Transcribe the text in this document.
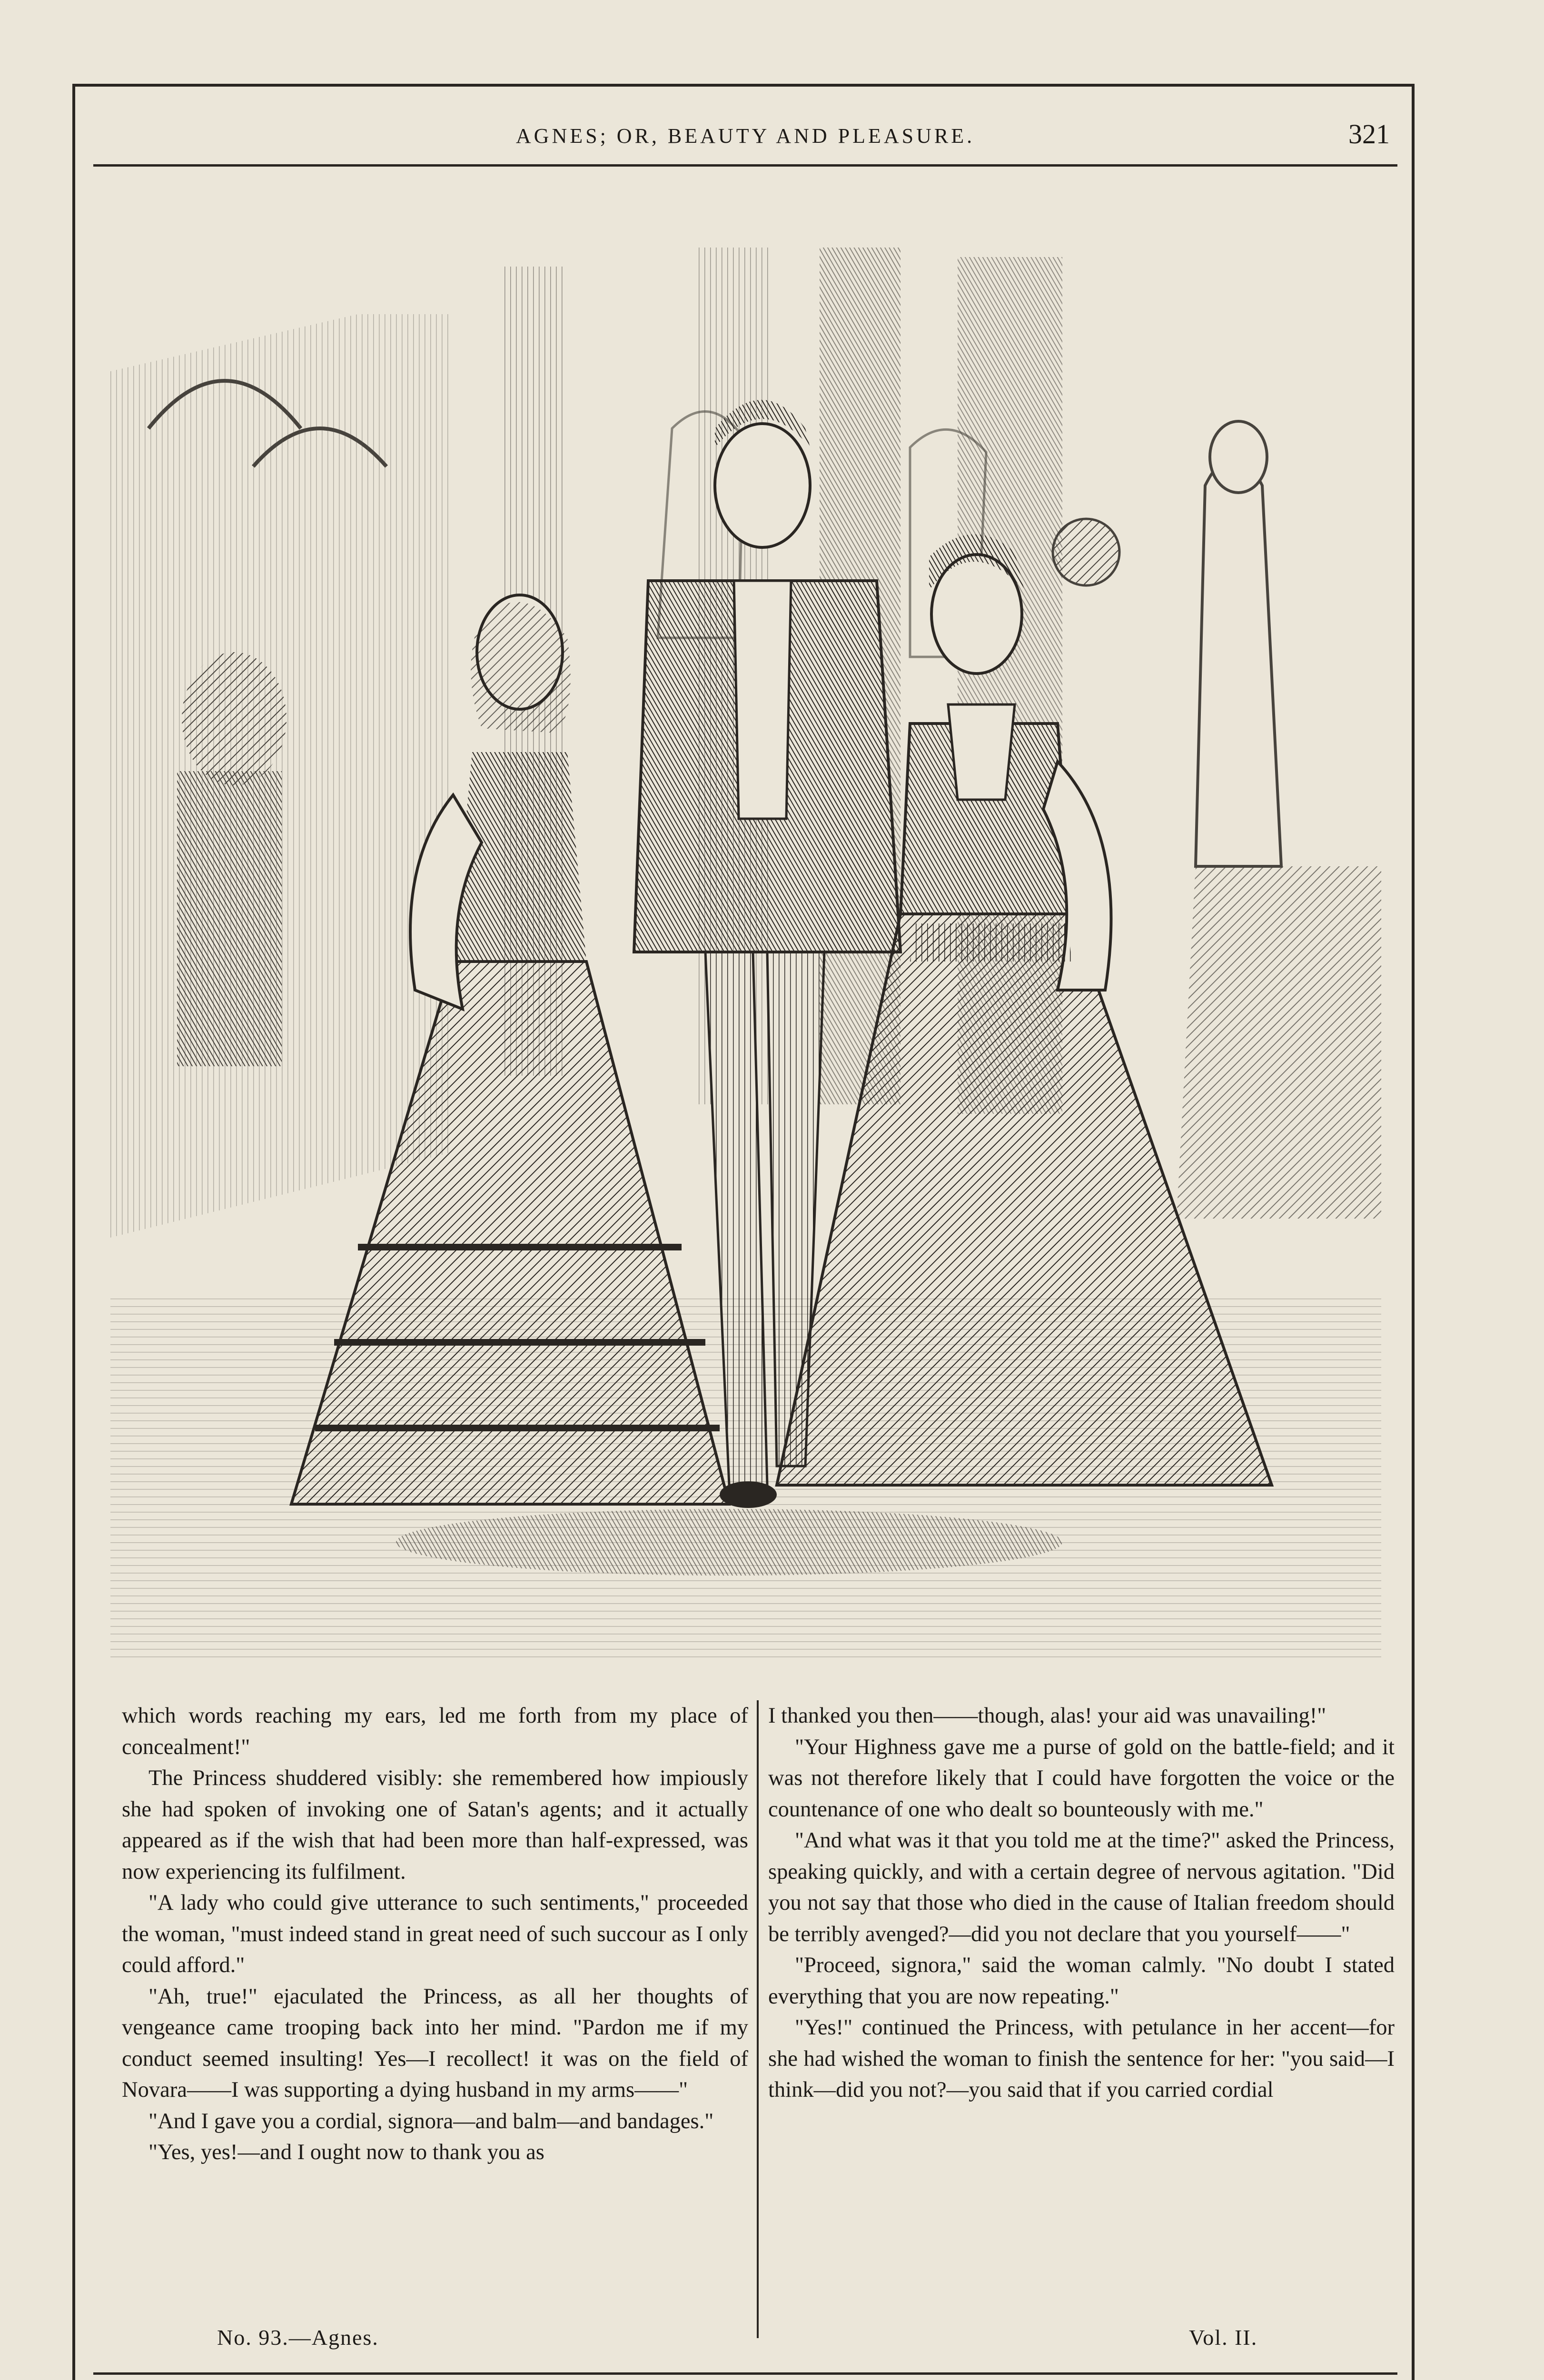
AGNES; OR, BEAUTY AND PLEASURE.	321

which words reaching my ears, led me forth from my place of concealment!"

The Princess shuddered visibly: she remembered how impiously she had spoken of invoking one of Satan's agents; and it actually appeared as if the wish that had been more than half-expressed, was now experiencing its fulfilment.

"A lady who could give utterance to such sentiments," proceeded the woman, "must indeed stand in great need of such succour as I only could afford."

"Ah, true!" ejaculated the Princess, as all her thoughts of vengeance came trooping back into her mind. "Pardon me if my conduct seemed insulting! Yes—I recollect! it was on the field of Novara——I was supporting a dying husband in my arms——"

"And I gave you a cordial, signora—and balm—and bandages."

"Yes, yes!—and I ought now to thank you as

I thanked you then——though, alas! your aid was unavailing!"

"Your Highness gave me a purse of gold on the battle-field; and it was not therefore likely that I could have forgotten the voice or the countenance of one who dealt so bounteously with me."

"And what was it that you told me at the time?" asked the Princess, speaking quickly, and with a certain degree of nervous agitation. "Did you not say that those who died in the cause of Italian freedom should be terribly avenged?—did you not declare that you yourself——"

"Proceed, signora," said the woman calmly. "No doubt I stated everything that you are now repeating."

"Yes!" continued the Princess, with petulance in her accent—for she had wished the woman to finish the sentence for her: "you said—I think—did you not?—you said that if you carried cordial

No. 93.—Agnes.	Vol. II.
